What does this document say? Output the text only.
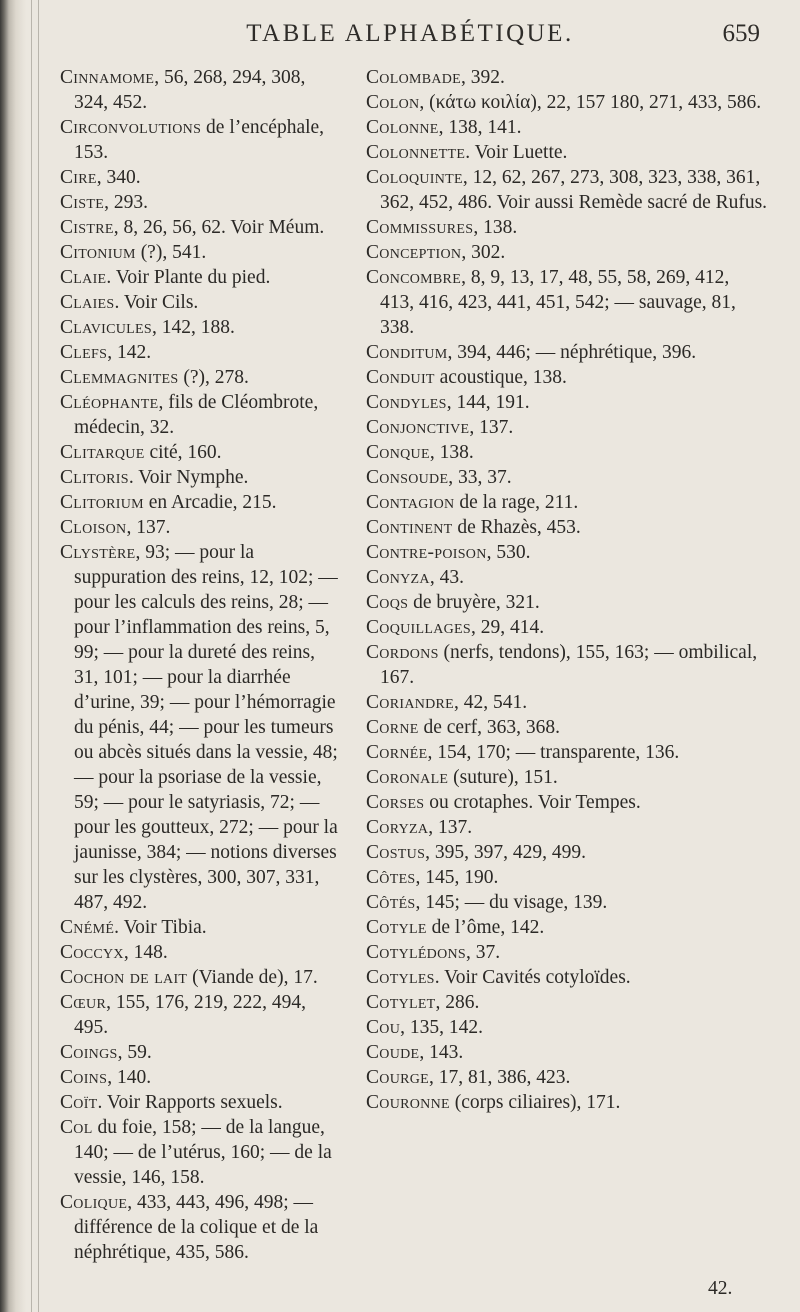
TABLE ALPHABÉTIQUE.	659

Cinnamome, 56, 268, 294, 308, 324, 452.

Circonvolutions de l’encéphale, 153.

Cire, 340.

Ciste, 293.

Cistre, 8, 26, 56, 62. Voir Méum.

Citonium (?), 541.

Claie. Voir Plante du pied.

Claies. Voir Cils.

Clavicules, 142, 188.

Clefs, 142.

Clemmagnites (?), 278.

Cléophante, fils de Cléombrote, médecin, 32.

Clitarque cité, 160.

Clitoris. Voir Nymphe.

Clitorium en Arcadie, 215.

Cloison, 137.

Clystère, 93; — pour la suppuration des reins, 12, 102; — pour les calculs des reins, 28; — pour l’inflammation des reins, 5, 99; — pour la dureté des reins, 31, 101; — pour la diarrhée d’urine, 39; — pour l’hémorragie du pénis, 44; — pour les tumeurs ou abcès situés dans la vessie, 48; — pour la psoriase de la vessie, 59; — pour le satyriasis, 72; — pour les goutteux, 272; — pour la jaunisse, 384; — notions diverses sur les clystères, 300, 307, 331, 487, 492.

Cnémé. Voir Tibia.

Coccyx, 148.

Cochon de lait (Viande de), 17.

Cœur, 155, 176, 219, 222, 494, 495.

Coings, 59.

Coins, 140.

Coït. Voir Rapports sexuels.

Col du foie, 158; — de la langue, 140; — de l’utérus, 160; — de la vessie, 146, 158.

Colique, 433, 443, 496, 498; — différence de la colique et de la néphrétique, 435, 586.

Colombade, 392.

Colon, (κάτω κοιλία), 22, 157 180, 271, 433, 586.

Colonne, 138, 141.

Colonnette. Voir Luette.

Coloquinte, 12, 62, 267, 273, 308, 323, 338, 361, 362, 452, 486. Voir aussi Remède sacré de Rufus.

Commissures, 138.

Conception, 302.

Concombre, 8, 9, 13, 17, 48, 55, 58, 269, 412, 413, 416, 423, 441, 451, 542; — sauvage, 81, 338.

Conditum, 394, 446; — néphrétique, 396.

Conduit acoustique, 138.

Condyles, 144, 191.

Conjonctive, 137.

Conque, 138.

Consoude, 33, 37.

Contagion de la rage, 211.

Continent de Rhazès, 453.

Contre-poison, 530.

Conyza, 43.

Coqs de bruyère, 321.

Coquillages, 29, 414.

Cordons (nerfs, tendons), 155, 163; — ombilical, 167.

Coriandre, 42, 541.

Corne de cerf, 363, 368.

Cornée, 154, 170; — transparente, 136.

Coronale (suture), 151.

Corses ou crotaphes. Voir Tempes.

Coryza, 137.

Costus, 395, 397, 429, 499.

Côtes, 145, 190.

Côtés, 145; — du visage, 139.

Cotyle de l’ôme, 142.

Cotylédons, 37.

Cotyles. Voir Cavités cotyloïdes.

Cotylet, 286.

Cou, 135, 142.

Coude, 143.

Courge, 17, 81, 386, 423.

Couronne (corps ciliaires), 171.

42.
